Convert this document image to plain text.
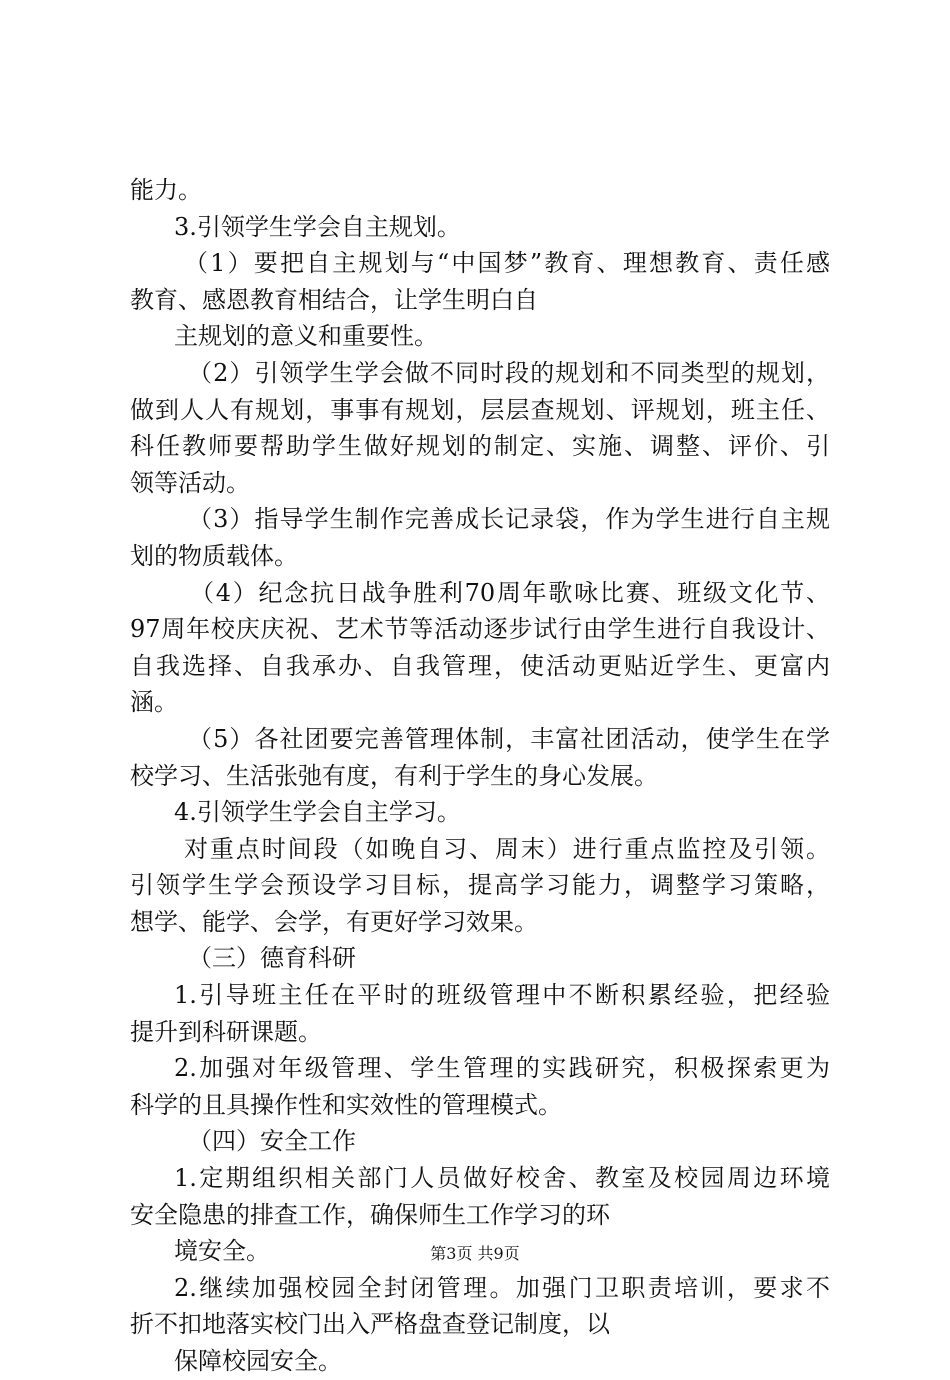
能力。
3.引领学生学会自主规划。
（1）要把自主规划与“中国梦”教育、理想教育、责任感
教育、感恩教育相结合，让学生明白自
主规划的意义和重要性。
（2）引领学生学会做不同时段的规划和不同类型的规划，
做到人人有规划，事事有规划，层层查规划、评规划，班主任、
科任教师要帮助学生做好规划的制定、实施、调整、评价、引
领等活动。
（3）指导学生制作完善成长记录袋，作为学生进行自主规
划的物质载体。
（4）纪念抗日战争胜利70周年歌咏比赛、班级文化节、
97周年校庆庆祝、艺术节等活动逐步试行由学生进行自我设计、
自我选择、自我承办、自我管理，使活动更贴近学生、更富内
涵。
（5）各社团要完善管理体制，丰富社团活动，使学生在学
校学习、生活张弛有度，有利于学生的身心发展。
4.引领学生学会自主学习。
对重点时间段（如晚自习、周末）进行重点监控及引领。
引领学生学会预设学习目标，提高学习能力，调整学习策略，
想学、能学、会学，有更好学习效果。
（三）德育科研
1.引导班主任在平时的班级管理中不断积累经验，把经验
提升到科研课题。
2.加强对年级管理、学生管理的实践研究，积极探索更为
科学的且具操作性和实效性的管理模式。
（四）安全工作
1.定期组织相关部门人员做好校舍、教室及校园周边环境
安全隐患的排查工作，确保师生工作学习的环
境安全。
2.继续加强校园全封闭管理。加强门卫职责培训，要求不
折不扣地落实校门出入严格盘查登记制度，以
保障校园安全。
第3页 共9页
